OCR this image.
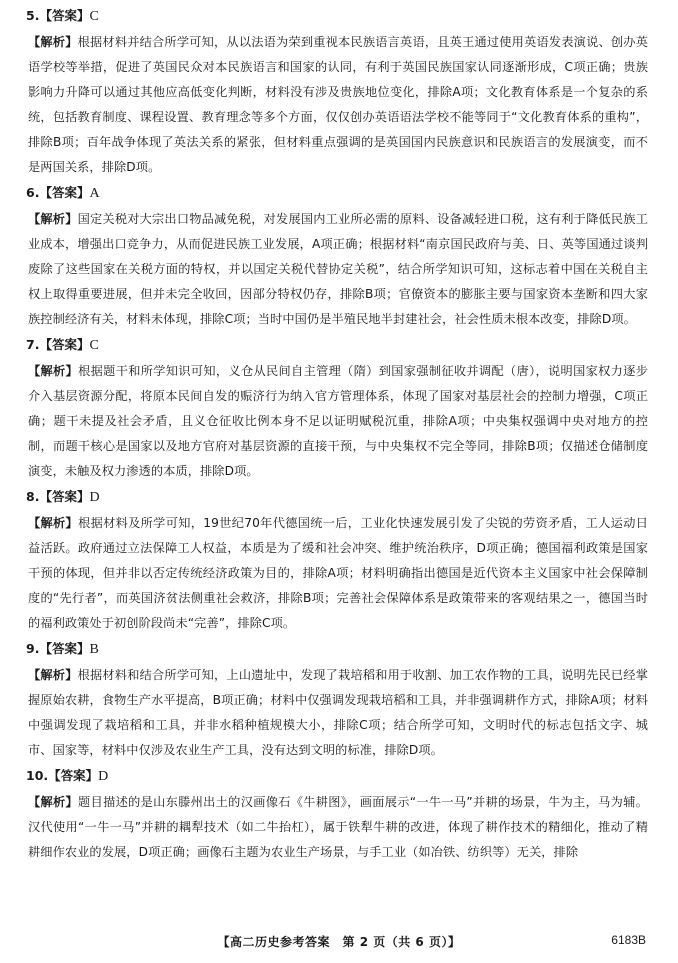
5.【答案】C

【解析】根据材料并结合所学可知，从以法语为荣到重视本民族语言英语，且英王通过使用英语发表演说、创办英语学校等举措，促进了英国民众对本民族语言和国家的认同，有利于英国民族国家认同逐渐形成，C项正确；贵族影响力升降可以通过其他应高低变化判断，材料没有涉及贵族地位变化，排除A项；文化教育体系是一个复杂的系统，包括教育制度、课程设置、教育理念等多个方面，仅仅创办英语语法学校不能等同于“文化教育体系的重构”，排除B项；百年战争体现了英法关系的紧张，但材料重点强调的是英国国内民族意识和民族语言的发展演变，而不是两国关系，排除D项。

6.【答案】A

【解析】国定关税对大宗出口物品减免税，对发展国内工业所必需的原料、设备减轻进口税，这有利于降低民族工业成本，增强出口竞争力，从而促进民族工业发展，A项正确；根据材料“南京国民政府与美、日、英等国通过谈判废除了这些国家在关税方面的特权，并以国定关税代替协定关税”，结合所学知识可知，这标志着中国在关税自主权上取得重要进展，但并未完全收回，因部分特权仍存，排除B项；官僚资本的膨胀主要与国家资本垄断和四大家族控制经济有关，材料未体现，排除C项；当时中国仍是半殖民地半封建社会，社会性质未根本改变，排除D项。

7.【答案】C

【解析】根据题干和所学知识可知，义仓从民间自主管理（隋）到国家强制征收并调配（唐），说明国家权力逐步介入基层资源分配，将原本民间自发的赈济行为纳入官方管理体系，体现了国家对基层社会的控制力增强，C项正确；题干未提及社会矛盾，且义仓征收比例本身不足以证明赋税沉重，排除A项；中央集权强调中央对地方的控制，而题干核心是国家以及地方官府对基层资源的直接干预，与中央集权不完全等同，排除B项；仅描述仓储制度演变，未触及权力渗透的本质，排除D项。

8.【答案】D

【解析】根据材料及所学可知，19世纪70年代德国统一后，工业化快速发展引发了尖锐的劳资矛盾，工人运动日益活跃。政府通过立法保障工人权益，本质是为了缓和社会冲突、维护统治秩序，D项正确；德国福利政策是国家干预的体现，但并非以否定传统经济政策为目的，排除A项；材料明确指出德国是近代资本主义国家中社会保障制度的“先行者”，而英国济贫法侧重社会救济，排除B项；完善社会保障体系是政策带来的客观结果之一，德国当时的福利政策处于初创阶段尚未“完善”，排除C项。

9.【答案】B

【解析】根据材料和结合所学可知，上山遗址中，发现了栽培稻和用于收割、加工农作物的工具，说明先民已经掌握原始农耕，食物生产水平提高，B项正确；材料中仅强调发现栽培稻和工具，并非强调耕作方式，排除A项；材料中强调发现了栽培稻和工具，并非水稻种植规模大小，排除C项；结合所学可知，文明时代的标志包括文字、城市、国家等，材料中仅涉及农业生产工具，没有达到文明的标准，排除D项。

10.【答案】D

【解析】题目描述的是山东滕州出土的汉画像石《牛耕图》，画面展示“一牛一马”并耕的场景，牛为主，马为辅。汉代使用“一牛一马”并耕的耦犁技术（如二牛抬杠），属于铁犁牛耕的改进，体现了耕作技术的精细化，推动了精耕细作农业的发展，D项正确；画像石主题为农业生产场景，与手工业（如冶铁、纺织等）无关，排除

【高二历史参考答案　第 2 页（共 6 页）】	6183B
